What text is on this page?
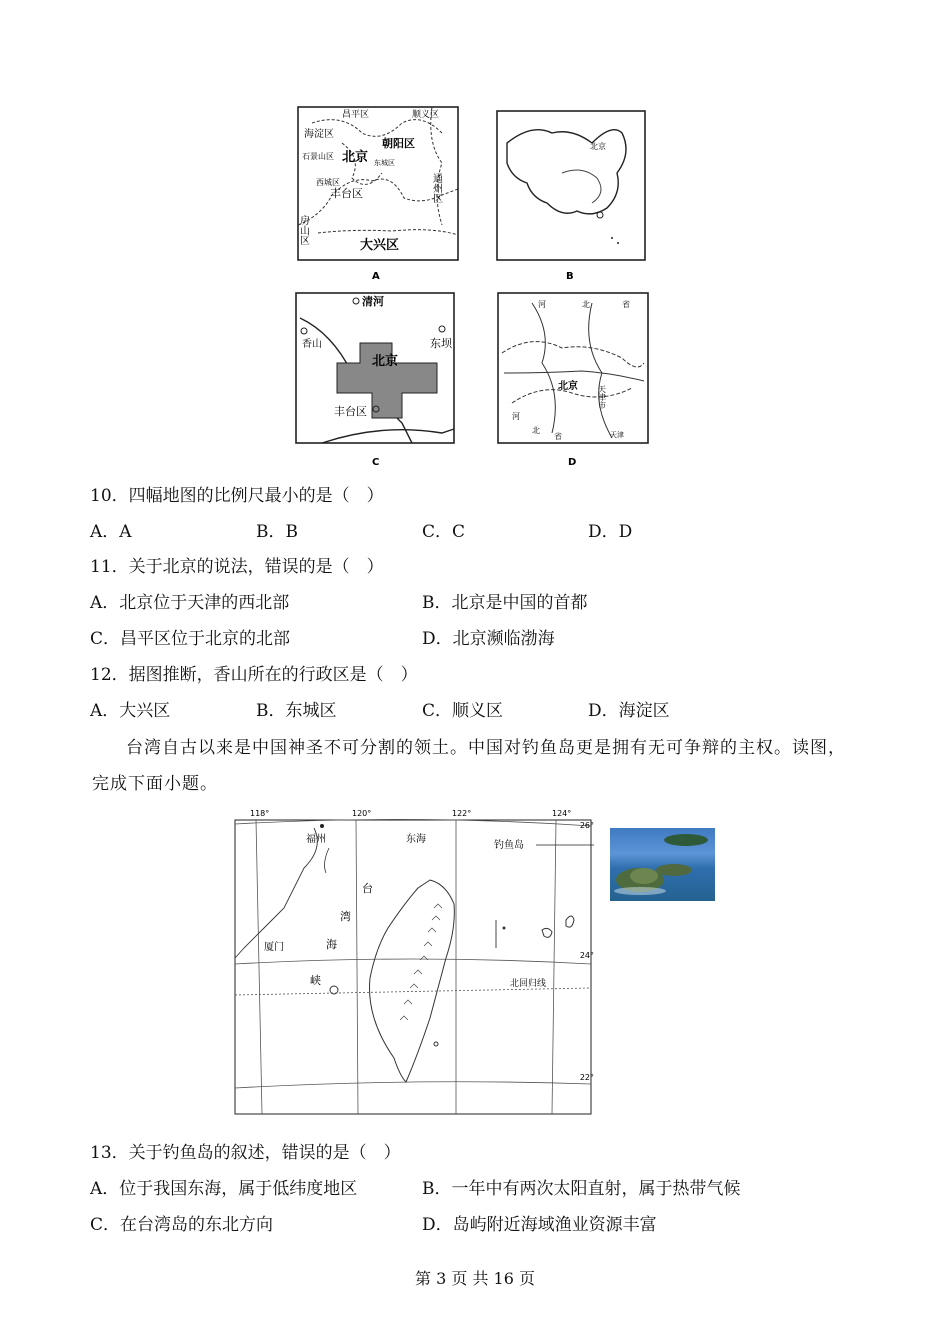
昌平区	顺义区
海淀区
朝阳区
石景山区 北京 东城区
西城区
丰台区	通州区
房山区
大兴区
A
北京
B
清河
香山	东坝
北京
丰台区
C
河	北	省
北京 天津市
河
北
省	天津
D
10．四幅地图的比例尺最小的是（　）
A．A	B．B	C．C	D．D
11．关于北京的说法，错误的是（　）
A．北京位于天津的西北部	B．北京是中国的首都
C．昌平区位于北京的北部	D．北京濒临渤海
12．据图推断，香山所在的行政区是（　）
A．大兴区	B．东城区	C．顺义区	D．海淀区
台湾自古以来是中国神圣不可分割的领土。中国对钓鱼岛更是拥有无可争辩的主权。读图，完成下面小题。
118°	120°	122°	124°
26°
24°
22°
福州	东海
钓鱼岛
台
湾
海
峡
厦门
北回归线
13．关于钓鱼岛的叙述，错误的是（　）
A．位于我国东海，属于低纬度地区	B．一年中有两次太阳直射，属于热带气候
C．在台湾岛的东北方向	D．岛屿附近海域渔业资源丰富
第 3 页 共 16 页
